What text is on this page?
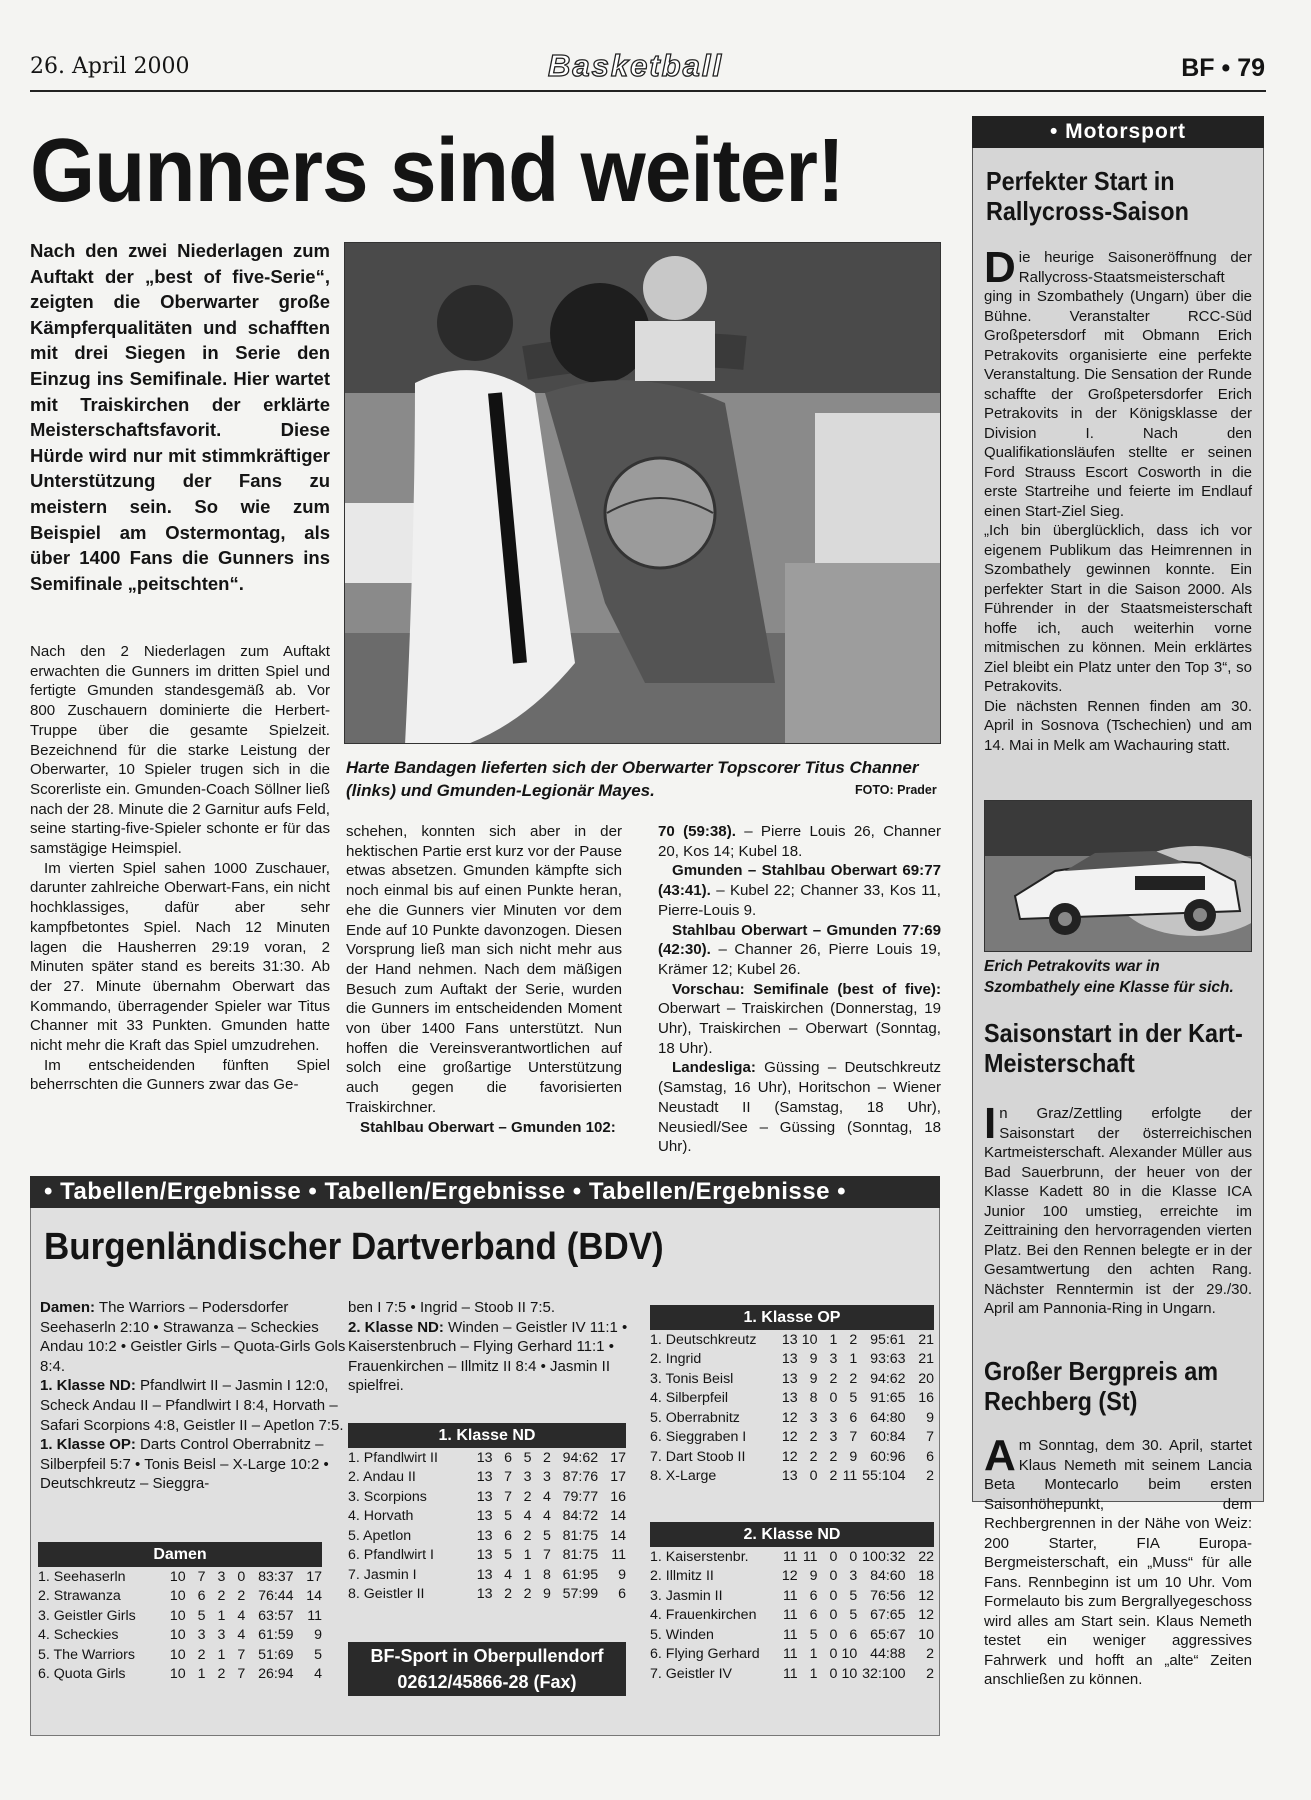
26. April 2000	Basketball	BF • 79
Gunners sind weiter!
Nach den zwei Niederlagen zum Auftakt der „best of five-Serie“, zeigten die Oberwarter große Kämpferqualitäten und schafften mit drei Siegen in Serie den Einzug ins Semifinale. Hier wartet mit Traiskirchen der erklärte Meisterschaftsfavorit. Diese Hürde wird nur mit stimmkräftiger Unterstützung der Fans zu meistern sein. So wie zum Beispiel am Ostermontag, als über 1400 Fans die Gunners ins Semifinale „peitschten“.
Harte Bandagen lieferten sich der Oberwarter Topscorer Titus Channer (links) und Gmunden-Legionär Mayes.	FOTO: Prader

Nach den 2 Niederlagen zum Auftakt erwachten die Gunners im dritten Spiel und fertigte Gmunden standesgemäß ab. Vor 800 Zuschauern dominierte die Herbert-Truppe über die gesamte Spielzeit. Bezeichnend für die starke Leistung der Oberwarter, 10 Spieler trugen sich in die Scorerliste ein. Gmunden-Coach Söllner ließ nach der 28. Minute die 2 Garnitur aufs Feld, seine starting-five-Spieler schonte er für das samstägige Heimspiel.

Im vierten Spiel sahen 1000 Zuschauer, darunter zahlreiche Oberwart-Fans, ein nicht hochklassiges, dafür aber sehr kampfbetontes Spiel. Nach 12 Minuten lagen die Hausherren 29:19 voran, 2 Minuten später stand es bereits 31:30. Ab der 27. Minute übernahm Oberwart das Kommando, überragender Spieler war Titus Channer mit 33 Punkten. Gmunden hatte nicht mehr die Kraft das Spiel umzudrehen.

Im entscheidenden fünften Spiel beherrschten die Gunners zwar das Ge-

schehen, konnten sich aber in der hektischen Partie erst kurz vor der Pause etwas absetzen. Gmunden kämpfte sich noch einmal bis auf einen Punkte heran, ehe die Gunners vier Minuten vor dem Ende auf 10 Punkte davonzogen. Diesen Vorsprung ließ man sich nicht mehr aus der Hand nehmen. Nach dem mäßigen Besuch zum Auftakt der Serie, wurden die Gunners im entscheidenden Moment von über 1400 Fans unterstützt. Nun hoffen die Vereinsverantwortlichen auf solch eine großartige Unterstützung auch gegen die favorisierten Traiskirchner.

Stahlbau Oberwart – Gmunden 102:

70 (59:38). – Pierre Louis 26, Channer 20, Kos 14; Kubel 18.

Gmunden – Stahlbau Oberwart 69:77 (43:41). – Kubel 22; Channer 33, Kos 11, Pierre-Louis 9.

Stahlbau Oberwart – Gmunden 77:69 (42:30). – Channer 26, Pierre Louis 19, Krämer 12; Kubel 26.

Vorschau: Semifinale (best of five): Oberwart – Traiskirchen (Donnerstag, 19 Uhr), Traiskirchen – Oberwart (Sonntag, 18 Uhr).

Landesliga: Güssing – Deutschkreutz (Samstag, 16 Uhr), Horitschon – Wiener Neustadt II (Samstag, 18 Uhr), Neusiedl/See – Güssing (Sonntag, 18 Uhr).

• Motorsport
Perfekter Start in Rallycross-Saison
Die heurige Saisoneröffnung der Rallycross-Staatsmeisterschaft ging in Szombathely (Ungarn) über die Bühne. Veranstalter RCC-Süd Großpetersdorf mit Obmann Erich Petrakovits organisierte eine perfekte Veranstaltung. Die Sensation der Runde schaffte der Großpetersdorfer Erich Petrakovits in der Königsklasse der Division I. Nach den Qualifikationsläufen stellte er seinen Ford Strauss Escort Cosworth in die erste Startreihe und feierte im Endlauf einen Start-Ziel Sieg.
„Ich bin überglücklich, dass ich vor eigenem Publikum das Heimrennen in Szombathely gewinnen konnte. Ein perfekter Start in die Saison 2000. Als Führender in der Staatsmeisterschaft hoffe ich, auch weiterhin vorne mitmischen zu können. Mein erklärtes Ziel bleibt ein Platz unter den Top 3“, so Petrakovits.
Die nächsten Rennen finden am 30. April in Sosnova (Tschechien) und am 14. Mai in Melk am Wachauring statt.
Erich Petrakovits war in Szombathely eine Klasse für sich.
Saisonstart in der Kart-Meisterschaft
In Graz/Zettling erfolgte der Saisonstart der österreichischen Kartmeisterschaft. Alexander Müller aus Bad Sauerbrunn, der heuer von der Klasse Kadett 80 in die Klasse ICA Junior 100 umstieg, erreichte im Zeittraining den hervorragenden vierten Platz. Bei den Rennen belegte er in der Gesamtwertung den achten Rang. Nächster Renntermin ist der 29./30. April am Pannonia-Ring in Ungarn.
Großer Bergpreis am Rechberg (St)
Am Sonntag, dem 30. April, startet Klaus Nemeth mit seinem Lancia Beta Montecarlo beim ersten Saisonhöhepunkt, dem Rechbergrennen in der Nähe von Weiz: 200 Starter, FIA Europa-Bergmeisterschaft, ein „Muss“ für alle Fans. Rennbeginn ist um 10 Uhr. Vom Formelauto bis zum Bergrallyegeschoss wird alles am Start sein. Klaus Nemeth testet ein weniger aggressives Fahrwerk und hofft an „alte“ Zeiten anschließen zu können.
• Tabellen/Ergebnisse • Tabellen/Ergebnisse • Tabellen/Ergebnisse •
Burgenländischer Dartverband (BDV)
Damen: The Warriors – Podersdorfer Seehaserln 2:10 • Strawanza – Scheckies Andau 10:2 • Geistler Girls – Quota-Girls Gols 8:4.
1. Klasse ND: Pfandlwirt II – Jasmin I 12:0, Scheck Andau II – Pfandlwirt I 8:4, Horvath – Safari Scorpions 4:8, Geistler II – Apetlon 7:5.
1. Klasse OP: Darts Control Oberrabnitz – Silberpfeil 5:7 • Tonis Beisl – X-Large 10:2 • Deutschkreutz – Sieggra-
ben I 7:5 • Ingrid – Stoob II 7:5.
2. Klasse ND: Winden – Geistler IV 11:1 • Kaiserstenbruch – Flying Gerhard 11:1 • Frauenkirchen – Illmitz II 8:4 • Jasmin II spielfrei.
Damen
1. Seehaserln	10	7	3	0	83:37	17
2. Strawanza	10	6	2	2	76:44	14
3. Geistler Girls	10	5	1	4	63:57	11
4. Scheckies	10	3	3	4	61:59	9
5. The Warriors	10	2	1	7	51:69	5
6. Quota Girls	10	1	2	7	26:94	4
1. Klasse ND
1. Pfandlwirt II	13	6	5	2	94:62	17
2. Andau II	13	7	3	3	87:76	17
3. Scorpions	13	7	2	4	79:77	16
4. Horvath	13	5	4	4	84:72	14
5. Apetlon	13	6	2	5	81:75	14
6. Pfandlwirt I	13	5	1	7	81:75	11
7. Jasmin I	13	4	1	8	61:95	9
8. Geistler II	13	2	2	9	57:99	6
1. Klasse OP
1. Deutschkreutz	13	10	1	2	95:61	21
2. Ingrid	13	9	3	1	93:63	21
3. Tonis Beisl	13	9	2	2	94:62	20
4. Silberpfeil	13	8	0	5	91:65	16
5. Oberrabnitz	12	3	3	6	64:80	9
6. Sieggraben I	12	2	3	7	60:84	7
7. Dart Stoob II	12	2	2	9	60:96	6
8. X-Large	13	0	2	11	55:104	2
2. Klasse ND
1. Kaiserstenbr.	11	11	0	0	100:32	22
2. Illmitz II	12	9	0	3	84:60	18
3. Jasmin II	11	6	0	5	76:56	12
4. Frauenkirchen	11	6	0	5	67:65	12
5. Winden	11	5	0	6	65:67	10
6. Flying Gerhard	11	1	0	10	44:88	2
7. Geistler IV	11	1	0	10	32:100	2
BF-Sport in Oberpullendorf
02612/45866-28 (Fax)
